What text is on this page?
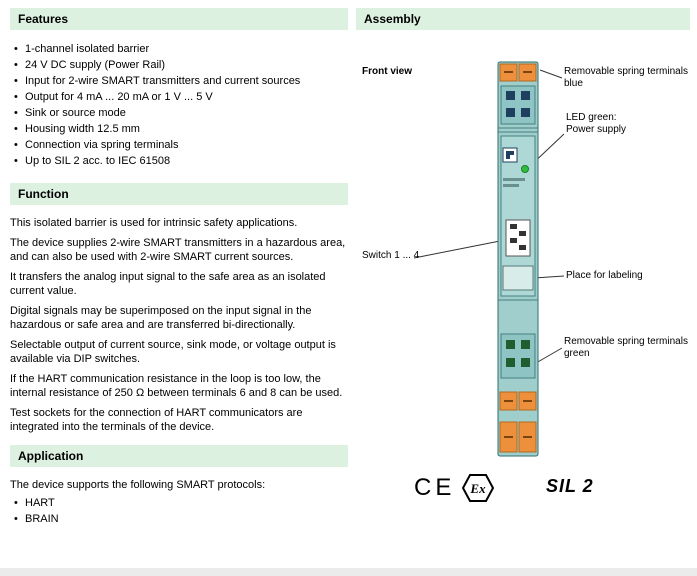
Features
• 1-channel isolated barrier
• 24 V DC supply (Power Rail)
• Input for 2-wire SMART transmitters and current sources
• Output for 4 mA ... 20 mA or 1 V ... 5 V
• Sink or source mode
• Housing width 12.5 mm
• Connection via spring terminals
• Up to SIL 2 acc. to IEC 61508
Function

This isolated barrier is used for intrinsic safety applications.

The device supplies 2-wire SMART transmitters in a hazardous area, and can also be used with 2-wire SMART current sources.

It transfers the analog input signal to the safe area as an isolated current value.

Digital signals may be superimposed on the input signal in the hazardous or safe area and are transferred bi-directionally.

Selectable output of current source, sink mode, or voltage output is available via DIP switches.

If the HART communication resistance in the loop is too low, the internal resistance of 250 Ω between terminals 6 and 8 can be used.

Test sockets for the connection of HART communicators are integrated into the terminals of the device.

Application

The device supports the following SMART protocols:

• HART
• BRAIN
Assembly
Front view	Removable spring terminals
blue
LED green:
Power supply
Switch 1 ... 4
Place for labeling
Removable spring terminals
green
CE Ex	SIL 2
